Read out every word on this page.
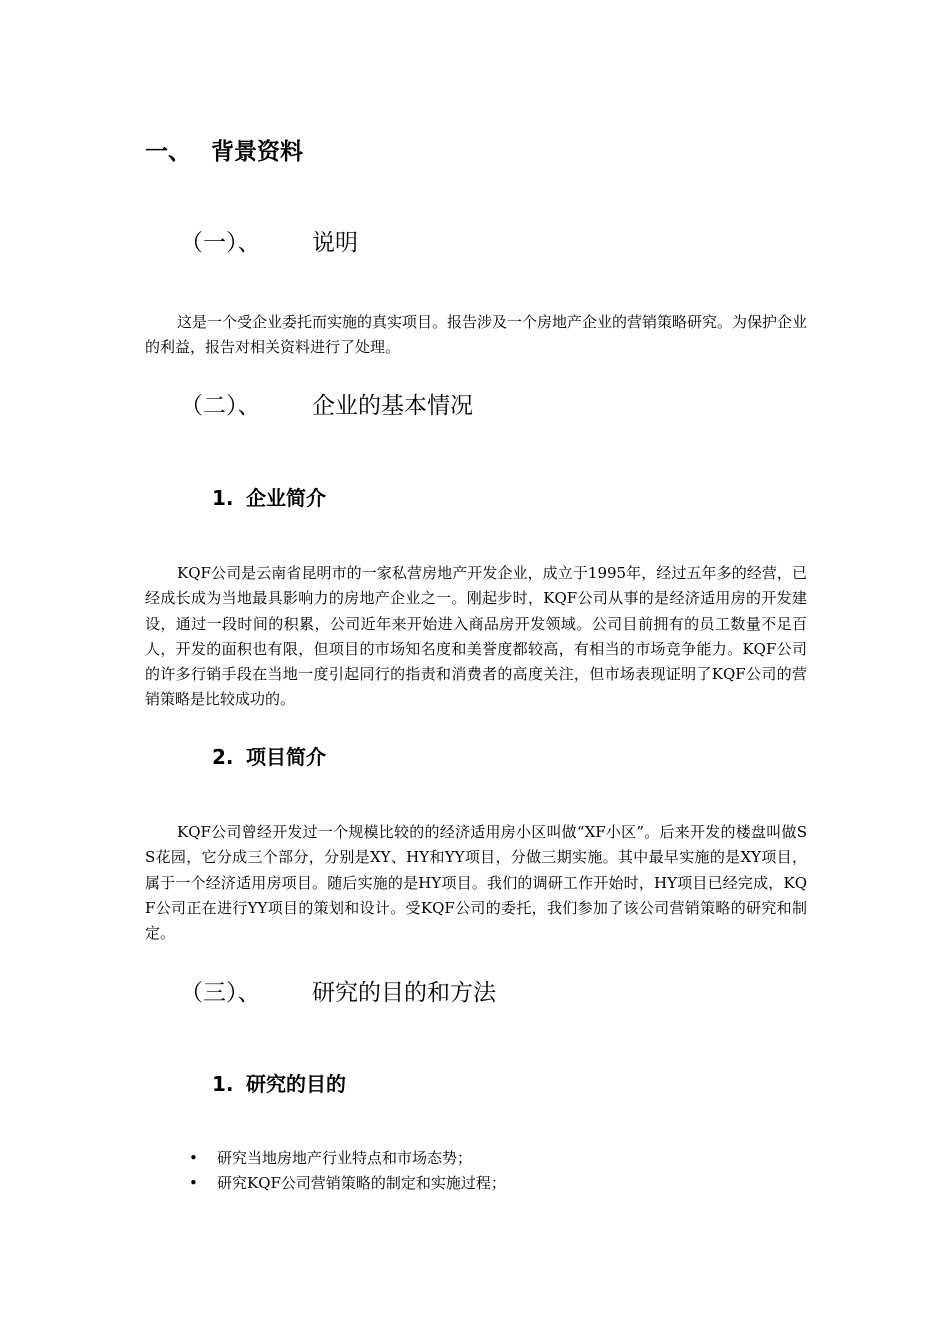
一、 背景资料
（一）、 说明

这是一个受企业委托而实施的真实项目。报告涉及一个房地产企业的营销策略研究。为保护企业的利益，报告对相关资料进行了处理。

（二）、 企业的基本情况
1. 企业简介

KQF公司是云南省昆明市的一家私营房地产开发企业，成立于1995年，经过五年多的经营，已经成长成为当地最具影响力的房地产企业之一。刚起步时，KQF公司从事的是经济适用房的开发建设，通过一段时间的积累，公司近年来开始进入商品房开发领域。公司目前拥有的员工数量不足百人，开发的面积也有限，但项目的市场知名度和美誉度都较高，有相当的市场竞争能力。KQF公司的许多行销手段在当地一度引起同行的指责和消费者的高度关注，但市场表现证明了KQF公司的营销策略是比较成功的。

2. 项目简介

KQF公司曾经开发过一个规模比较的的经济适用房小区叫做“XF小区”。后来开发的楼盘叫做SS花园，它分成三个部分，分别是XY、HY和YY项目，分做三期实施。其中最早实施的是XY项目，属于一个经济适用房项目。随后实施的是HY项目。我们的调研工作开始时，HY项目已经完成，KQF公司正在进行YY项目的策划和设计。受KQF公司的委托，我们参加了该公司营销策略的研究和制定。

（三）、 研究的目的和方法
1. 研究的目的
• 研究当地房地产行业特点和市场态势；
• 研究KQF公司营销策略的制定和实施过程；
